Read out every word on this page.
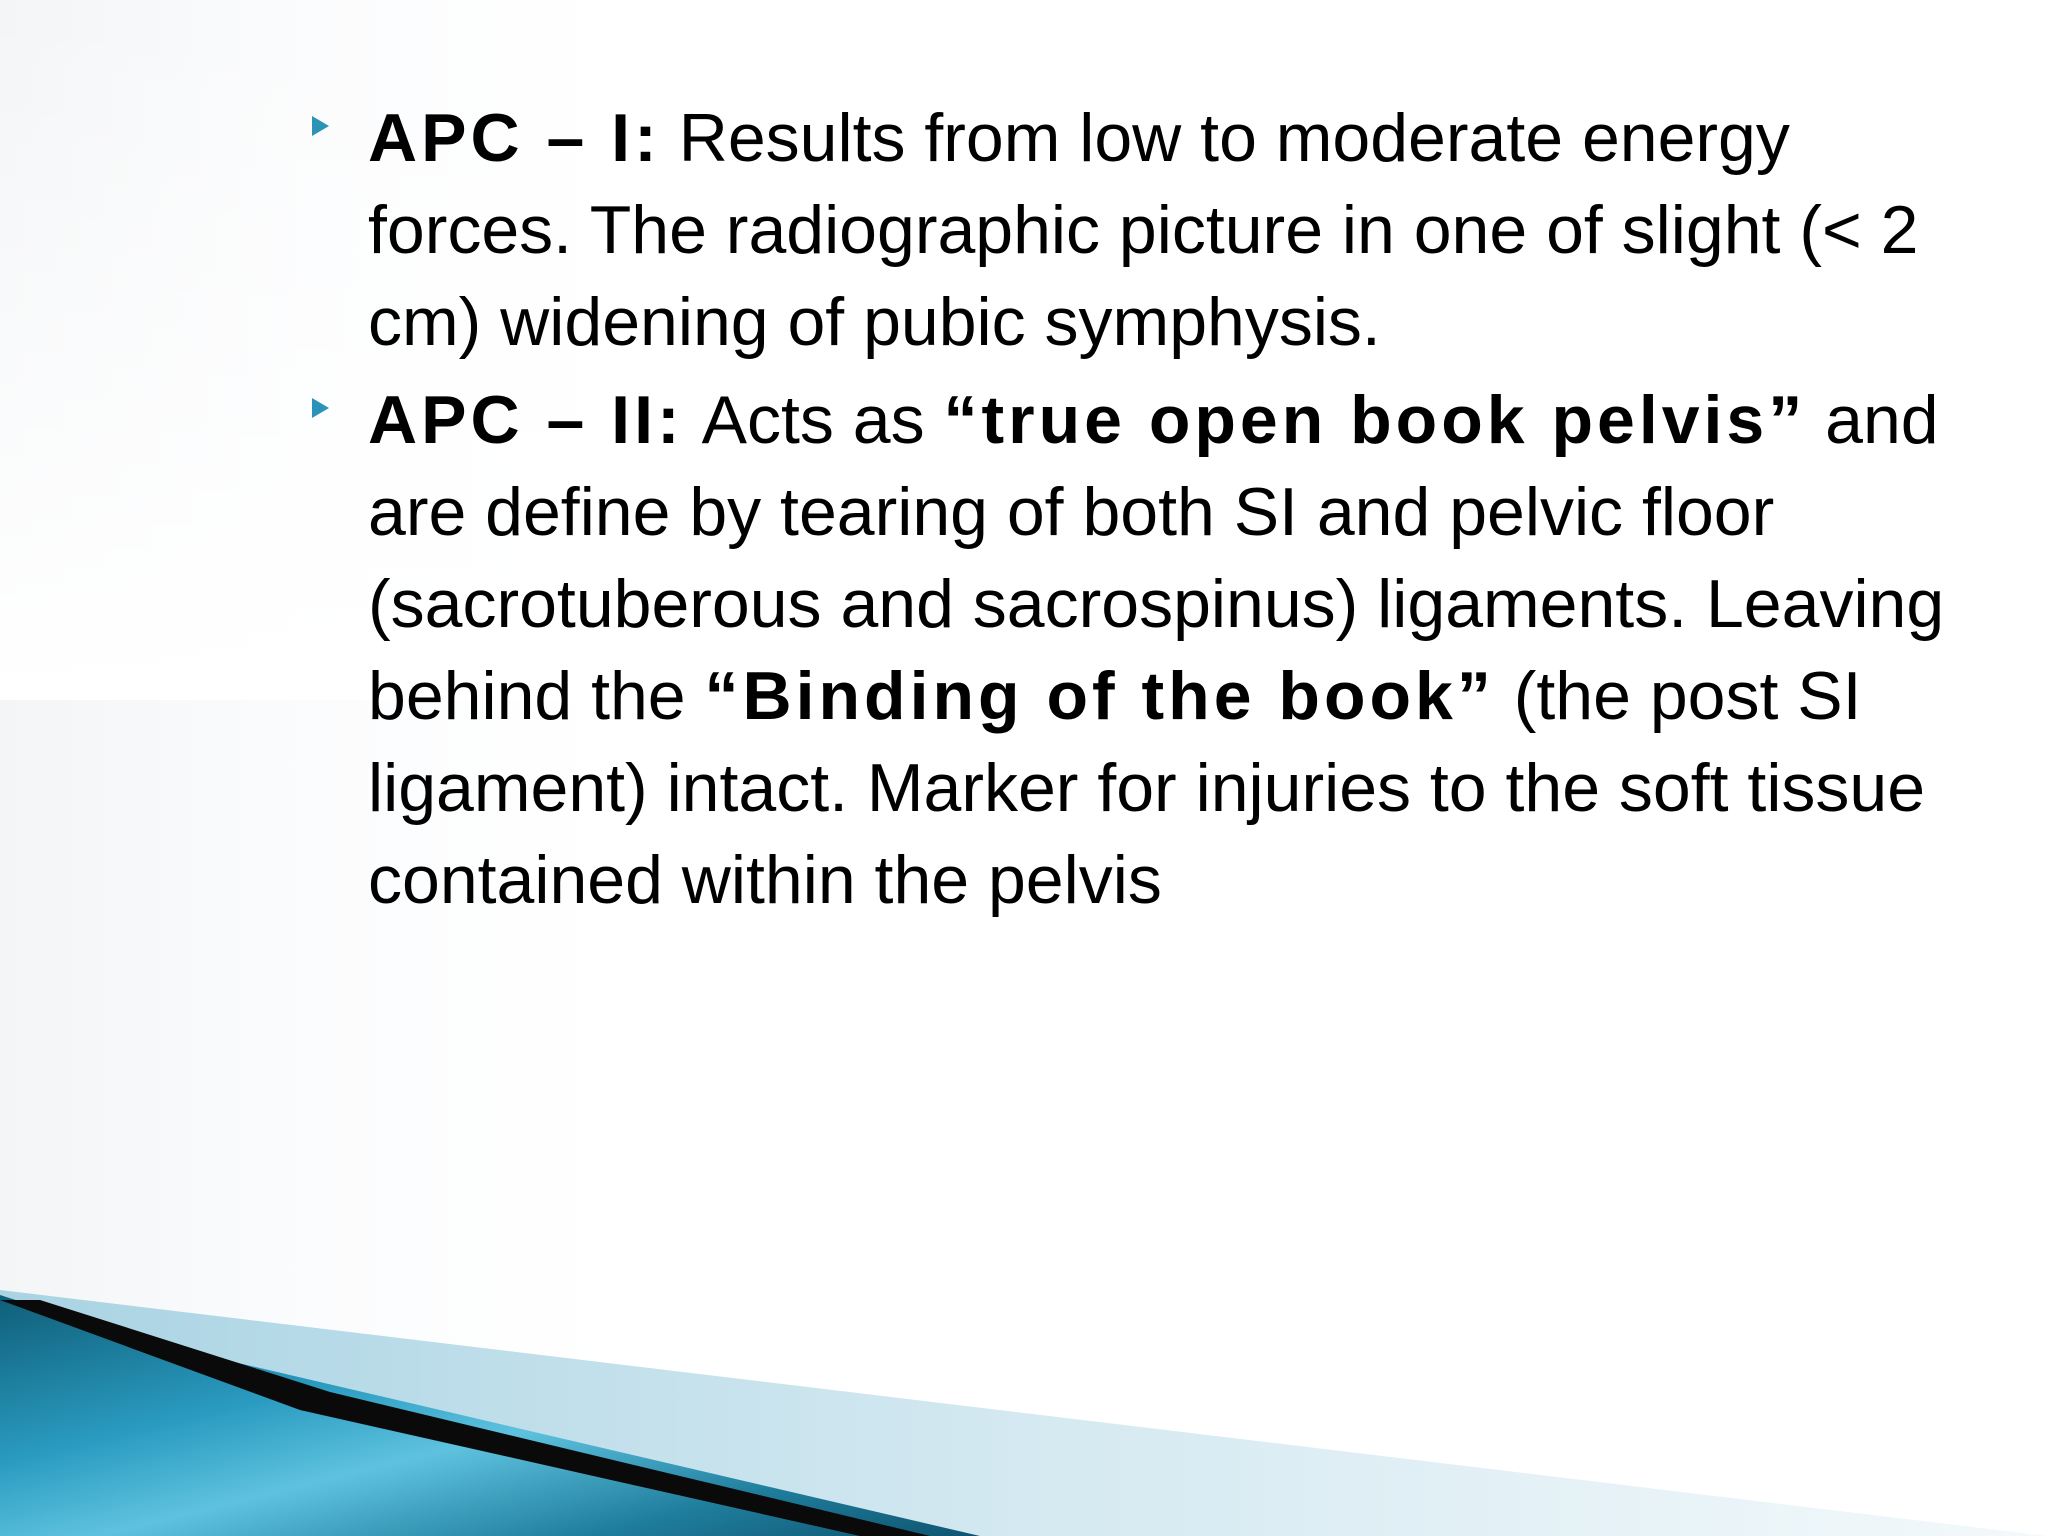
APC – I: Results from low to moderate energy forces. The radiographic picture in one of slight (< 2 cm) widening of pubic symphysis.
APC – II: Acts as “true open book pelvis” and are define by tearing of both SI and pelvic floor (sacrotuberous and sacrospinus) ligaments. Leaving behind the “Binding of the book” (the post SI ligament) intact. Marker for injuries to the soft tissue contained within the pelvis
